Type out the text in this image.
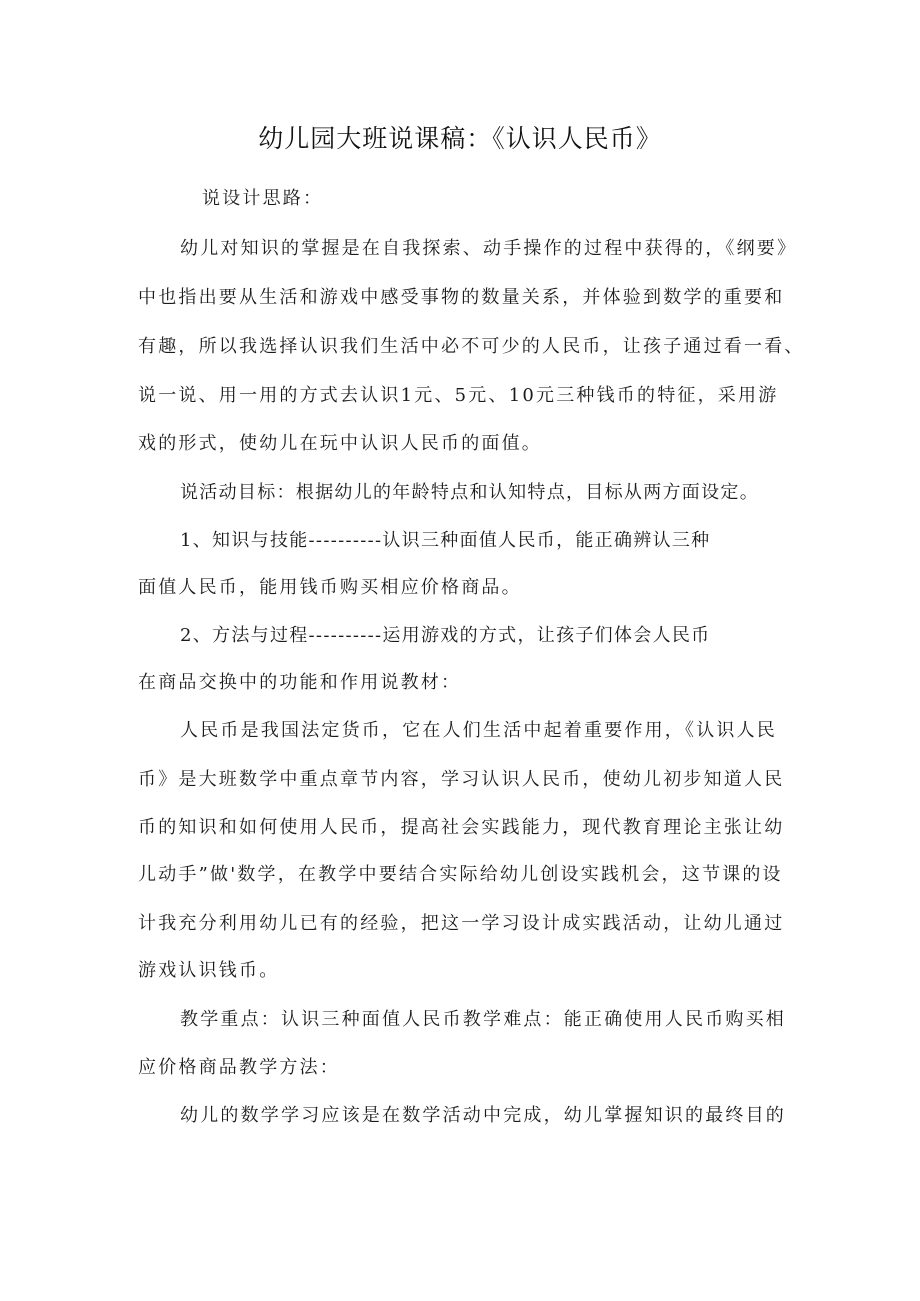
幼儿园大班说课稿：《认识人民币》
说设计思路：
幼儿对知识的掌握是在自我探索、动手操作的过程中获得的，《纲要》
中也指出要从生活和游戏中感受事物的数量关系，并体验到数学的重要和
有趣，所以我选择认识我们生活中必不可少的人民币，让孩子通过看一看、
说一说、用一用的方式去认识1元、5元、10元三种钱币的特征，采用游
戏的形式，使幼儿在玩中认识人民币的面值。
说活动目标：根据幼儿的年龄特点和认知特点，目标从两方面设定。
1、知识与技能----------认识三种面值人民币，能正确辨认三种
面值人民币，能用钱币购买相应价格商品。
2、方法与过程----------运用游戏的方式，让孩子们体会人民币
在商品交换中的功能和作用说教材：
人民币是我国法定货币，它在人们生活中起着重要作用，《认识人民
币》是大班数学中重点章节内容，学习认识人民币，使幼儿初步知道人民
币的知识和如何使用人民币，提高社会实践能力，现代教育理论主张让幼
儿动手”做'数学，在教学中要结合实际给幼儿创设实践机会，这节课的设
计我充分利用幼儿已有的经验，把这一学习设计成实践活动，让幼儿通过
游戏认识钱币。
教学重点：认识三种面值人民币教学难点：能正确使用人民币购买相
应价格商品教学方法：
幼儿的数学学习应该是在数学活动中完成，幼儿掌握知识的最终目的
